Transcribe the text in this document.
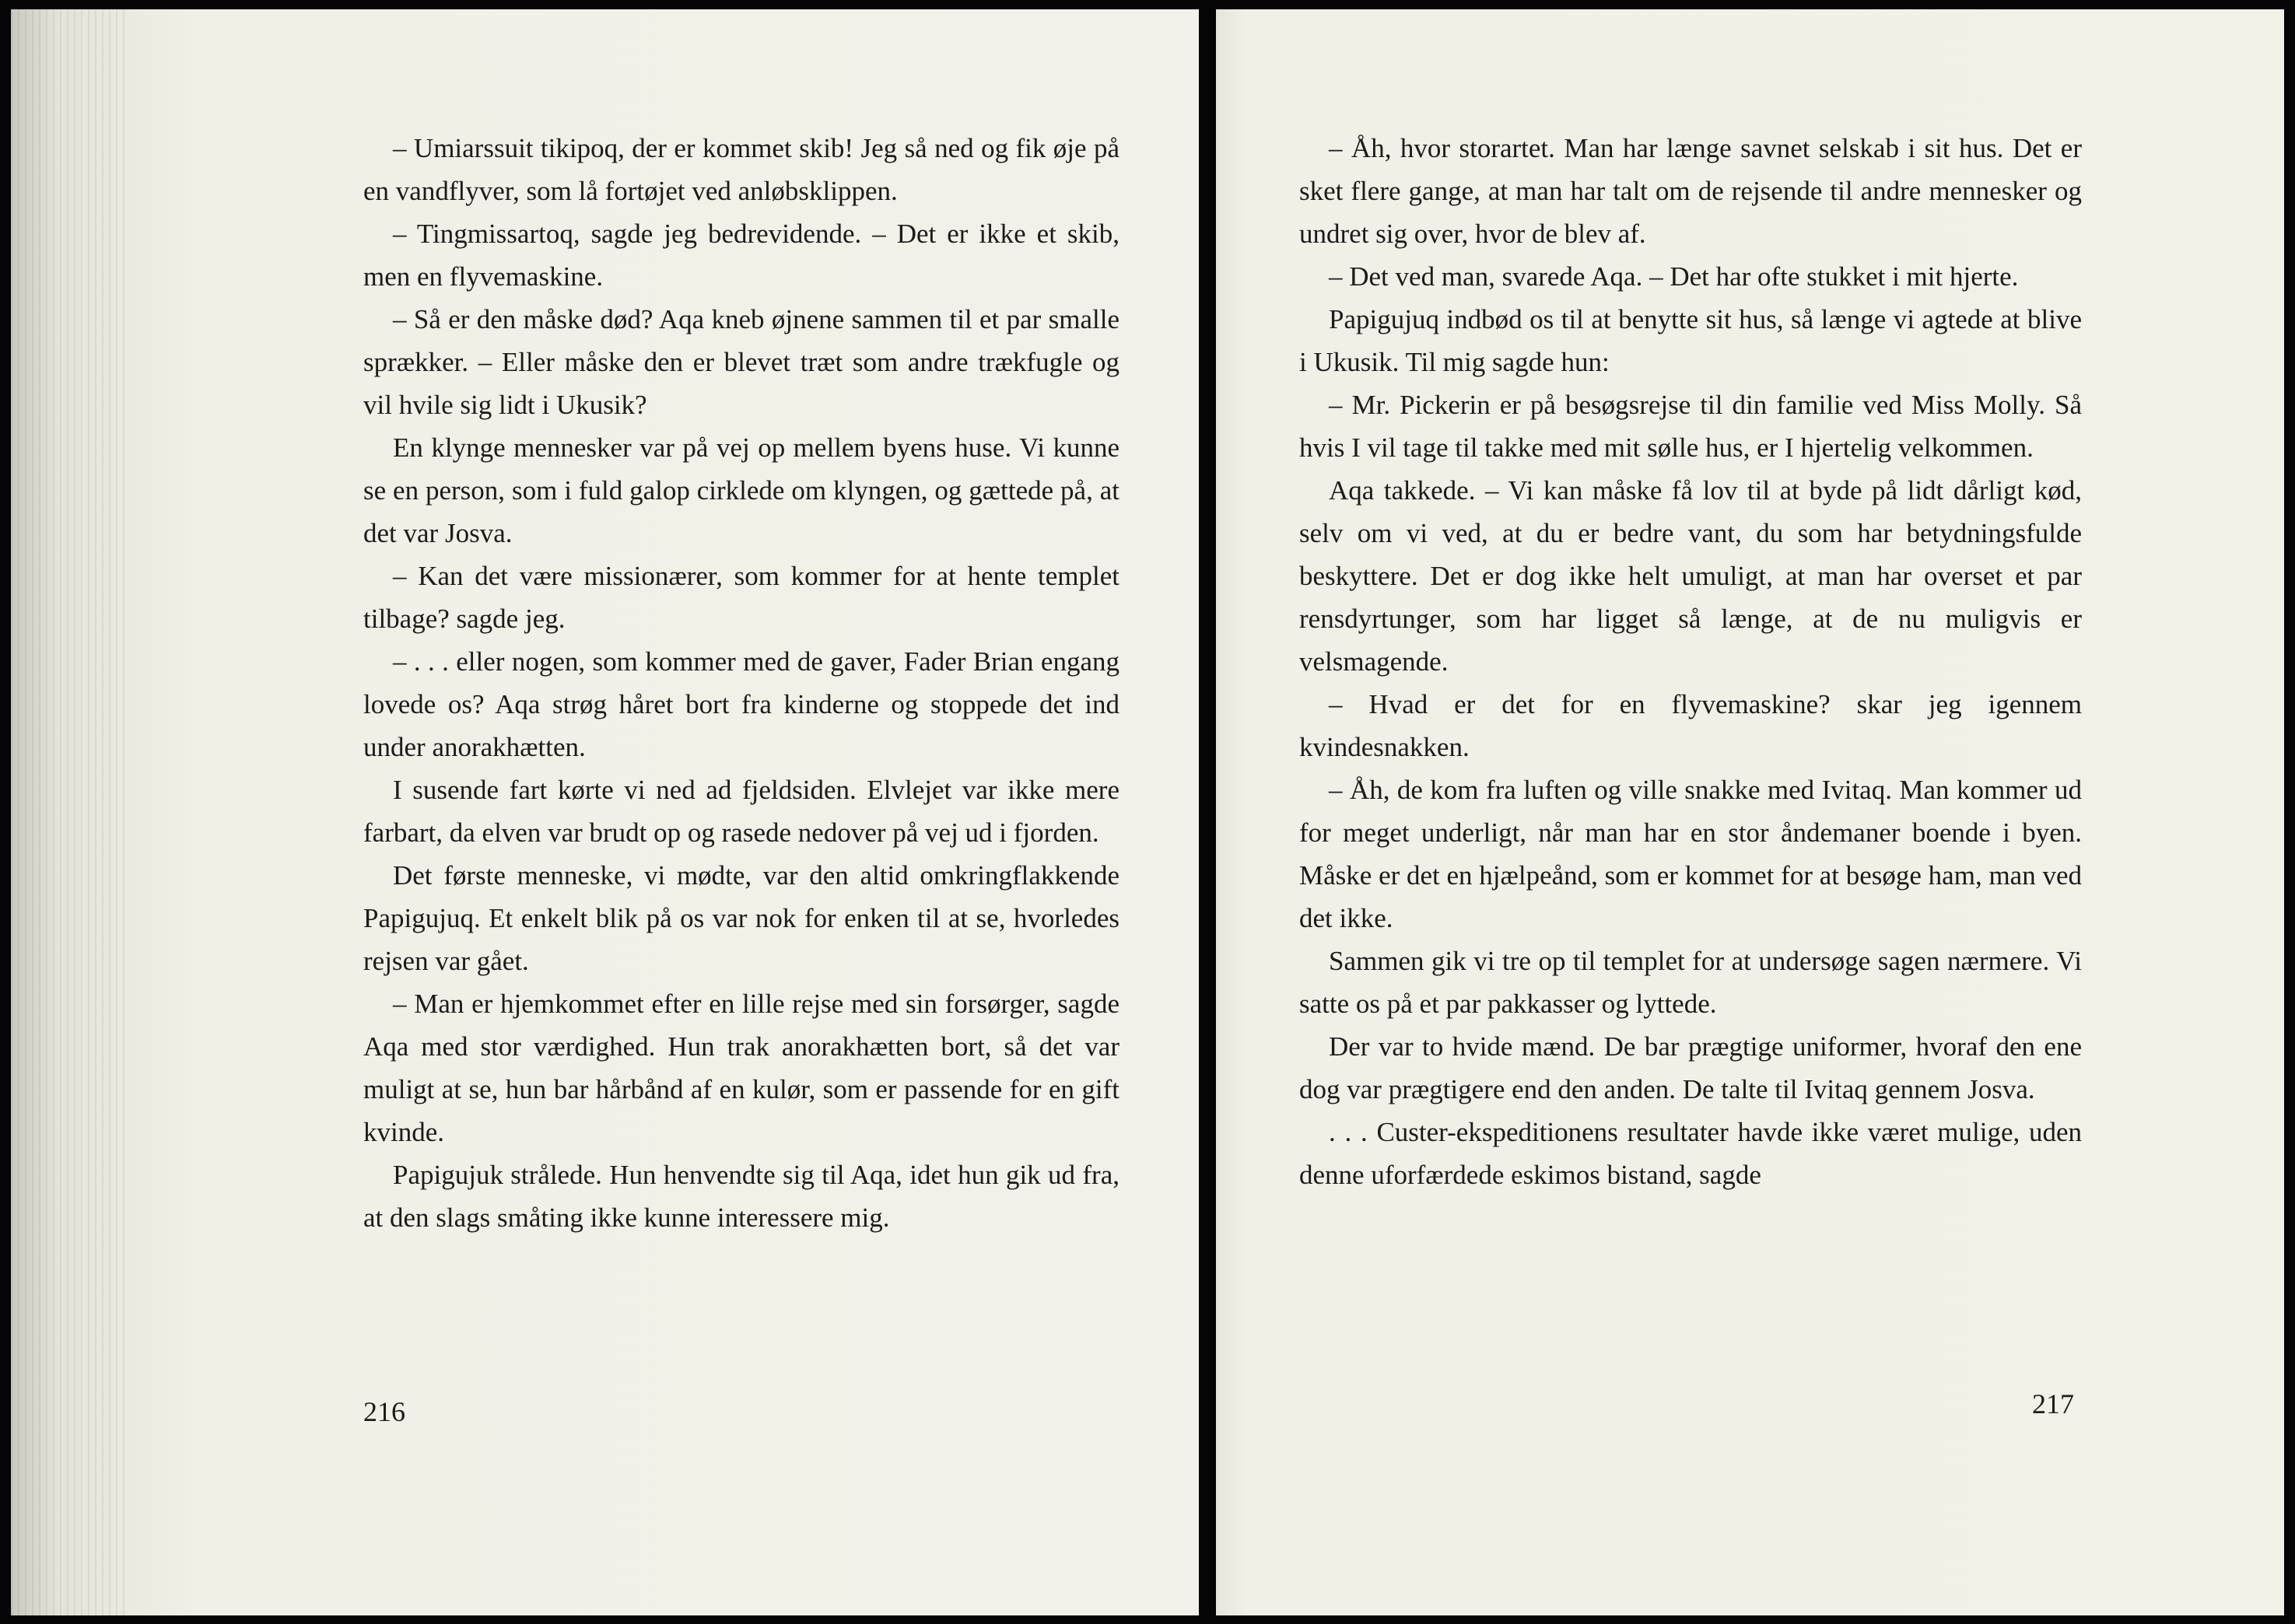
– Umiarssuit tikipoq, der er kommet skib! Jeg så ned og fik øje på en vandflyver, som lå fortøjet ved anløbsklippen.

– Tingmissartoq, sagde jeg bedrevidende. – Det er ikke et skib, men en flyvemaskine.

– Så er den måske død? Aqa kneb øjnene sammen til et par smalle sprækker. – Eller måske den er blevet træt som andre trækfugle og vil hvile sig lidt i Ukusik?

En klynge mennesker var på vej op mellem byens huse. Vi kunne se en person, som i fuld galop cirklede om klyngen, og gættede på, at det var Josva.

– Kan det være missionærer, som kommer for at hente templet tilbage? sagde jeg.

– . . . eller nogen, som kommer med de gaver, Fader Brian engang lovede os? Aqa strøg håret bort fra kinderne og stoppede det ind under anorakhætten.

I susende fart kørte vi ned ad fjeldsiden. Elvlejet var ikke mere farbart, da elven var brudt op og rasede nedover på vej ud i fjorden.

Det første menneske, vi mødte, var den altid omkringflakkende Papigujuq. Et enkelt blik på os var nok for enken til at se, hvorledes rejsen var gået.

– Man er hjemkommet efter en lille rejse med sin forsørger, sagde Aqa med stor værdighed. Hun trak anorakhætten bort, så det var muligt at se, hun bar hårbånd af en kulør, som er passende for en gift kvinde.

Papigujuk strålede. Hun henvendte sig til Aqa, idet hun gik ud fra, at den slags småting ikke kunne interessere mig.

216

– Åh, hvor storartet. Man har længe savnet selskab i sit hus. Det er sket flere gange, at man har talt om de rejsende til andre mennesker og undret sig over, hvor de blev af.

– Det ved man, svarede Aqa. – Det har ofte stukket i mit hjerte.

Papigujuq indbød os til at benytte sit hus, så længe vi agtede at blive i Ukusik. Til mig sagde hun:

– Mr. Pickerin er på besøgsrejse til din familie ved Miss Molly. Så hvis I vil tage til takke med mit sølle hus, er I hjertelig velkommen.

Aqa takkede. – Vi kan måske få lov til at byde på lidt dårligt kød, selv om vi ved, at du er bedre vant, du som har betydningsfulde beskyttere. Det er dog ikke helt umuligt, at man har overset et par rensdyrtunger, som har ligget så længe, at de nu muligvis er velsmagende.

– Hvad er det for en flyvemaskine? skar jeg igennem kvindesnakken.

– Åh, de kom fra luften og ville snakke med Ivitaq. Man kommer ud for meget underligt, når man har en stor åndemaner boende i byen. Måske er det en hjælpeånd, som er kommet for at besøge ham, man ved det ikke.

Sammen gik vi tre op til templet for at undersøge sagen nærmere. Vi satte os på et par pakkasser og lyttede.

Der var to hvide mænd. De bar prægtige uniformer, hvoraf den ene dog var prægtigere end den anden. De talte til Ivitaq gennem Josva.

. . . Custer-ekspeditionens resultater havde ikke været mulige, uden denne uforfærdede eskimos bistand, sagde

217
